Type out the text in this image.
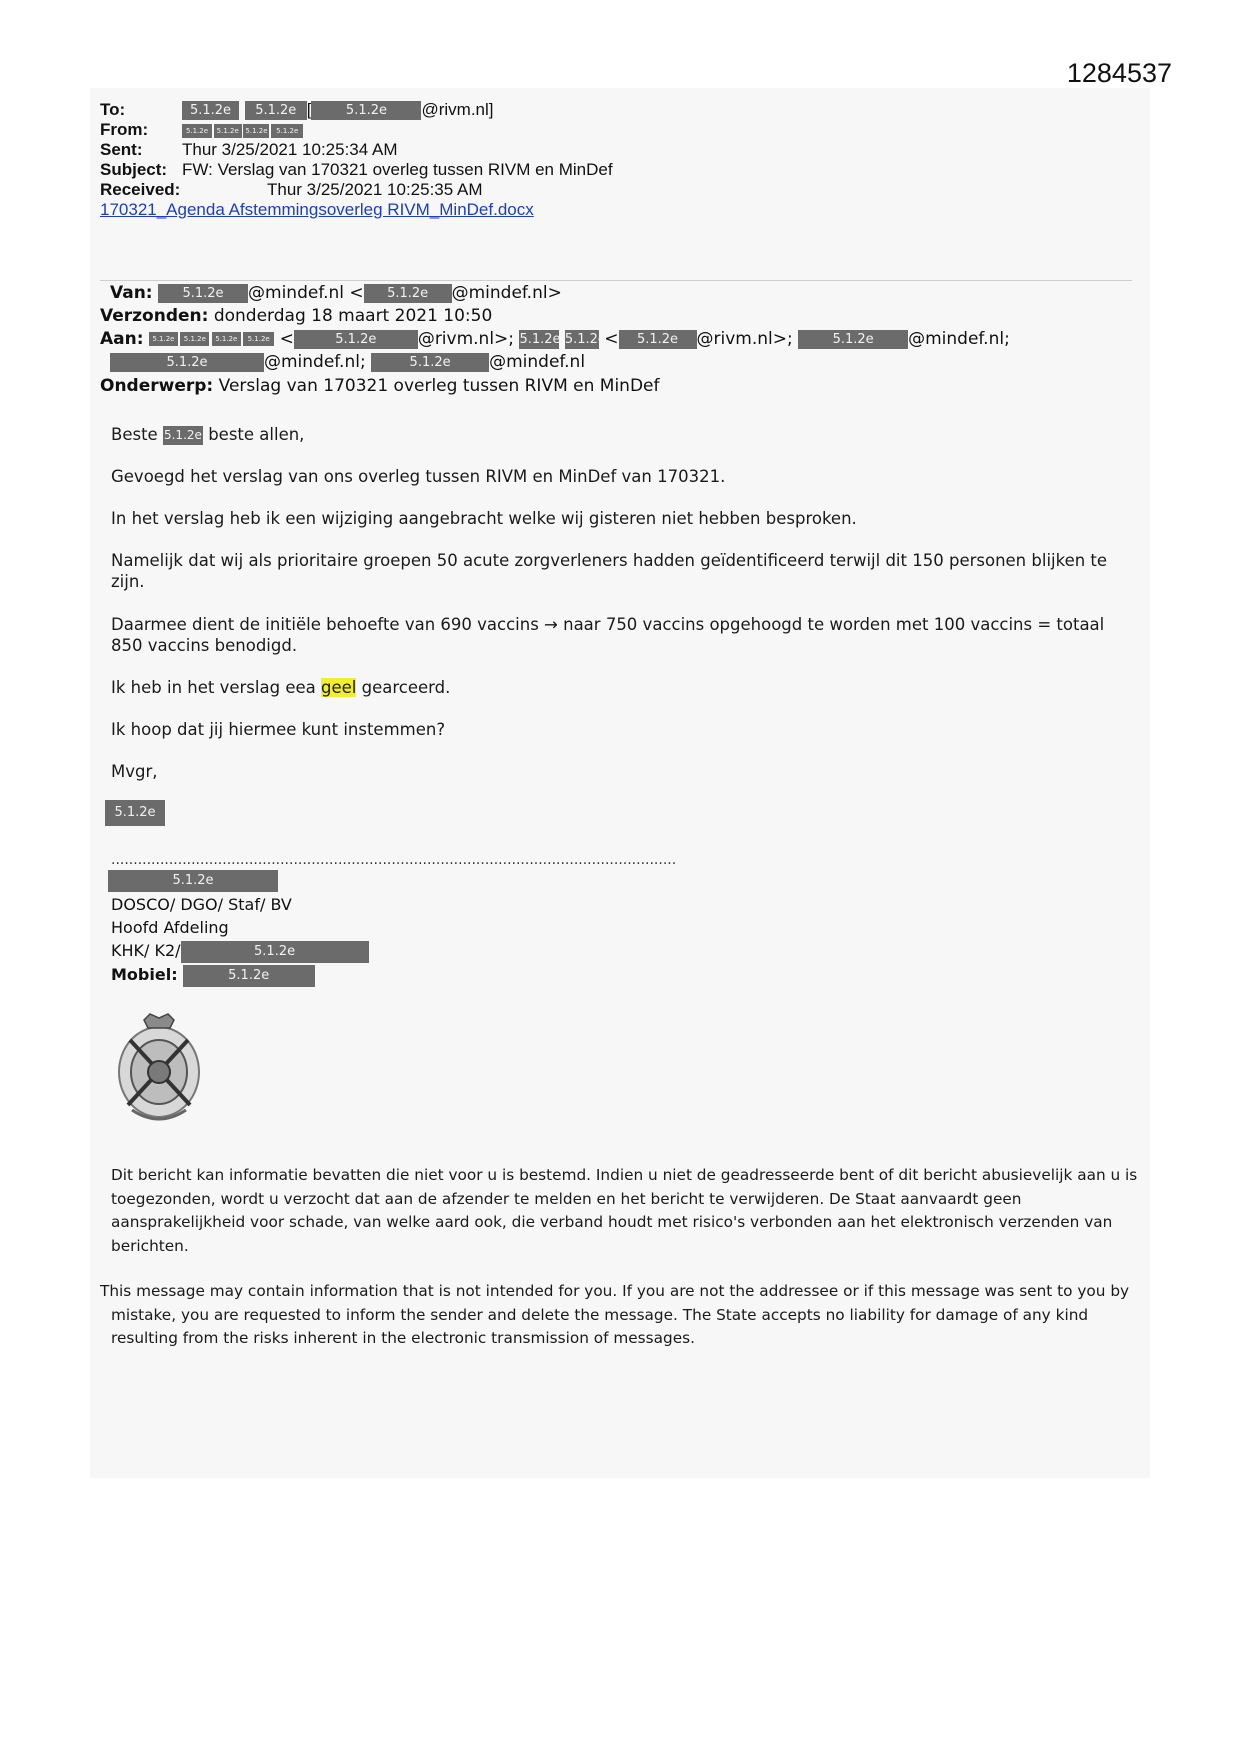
1284537
To:	5.1.2e 5.1.2e [	5.1.2e @rivm.nl]
From:	5.1.2e 5.1.2e 5.1.2e 5.1.2e
Sent: Thur 3/25/2021 10:25:34 AM
Subject: FW: Verslag van 170321 overleg tussen RIVM en MinDef
Received:	Thur 3/25/2021 10:25:35 AM
170321_Agenda Afstemmingsoverleg RIVM_MinDef.docx
Van: 5.1.2e @mindef.nl < 5.1.2e @mindef.nl>
Verzonden: donderdag 18 maart 2021 10:50
Aan: 5.1.2e 5.1.2e 5.1.2e 5.1.2e <	5.1.2e @rivm.nl>; 5.1.2e 5.1.2e < 5.1.2e @rivm.nl>;	5.1.2e @mindef.nl;
5.1.2e	@mindef.nl;	5.1.2e @mindef.nl
Onderwerp: Verslag van 170321 overleg tussen RIVM en MinDef

Beste 5.1.2e beste allen,

Gevoegd het verslag van ons overleg tussen RIVM en MinDef van 170321.

In het verslag heb ik een wijziging aangebracht welke wij gisteren niet hebben besproken.

Namelijk dat wij als prioritaire groepen 50 acute zorgverleners hadden geïdentificeerd terwijl dit 150 personen blijken te zijn.

Daarmee dient de initiële behoefte van 690 vaccins → naar 750 vaccins opgehoogd te worden met 100 vaccins = totaal 850 vaccins benodigd.

Ik heb in het verslag eea geel gearceerd.

Ik hoop dat jij hiermee kunt instemmen?

Mvgr,

5.1.2e
...............................................................................................................................
5.1.2e
DOSCO/ DGO/ Staf/ BV
Hoofd Afdeling
KHK/ K2/	5.1.2e
Mobiel:	5.1.2e
Dit bericht kan informatie bevatten die niet voor u is bestemd. Indien u niet de geadresseerde bent of dit bericht abusievelijk aan u is toegezonden, wordt u verzocht dat aan de afzender te melden en het bericht te verwijderen. De Staat aanvaardt geen aansprakelijkheid voor schade, van welke aard ook, die verband houdt met risico's verbonden aan het elektronisch verzenden van berichten.
This message may contain information that is not intended for you. If you are not the addressee or if this message was sent to you by mistake, you are requested to inform the sender and delete the message. The State accepts no liability for damage of any kind resulting from the risks inherent in the electronic transmission of messages.
